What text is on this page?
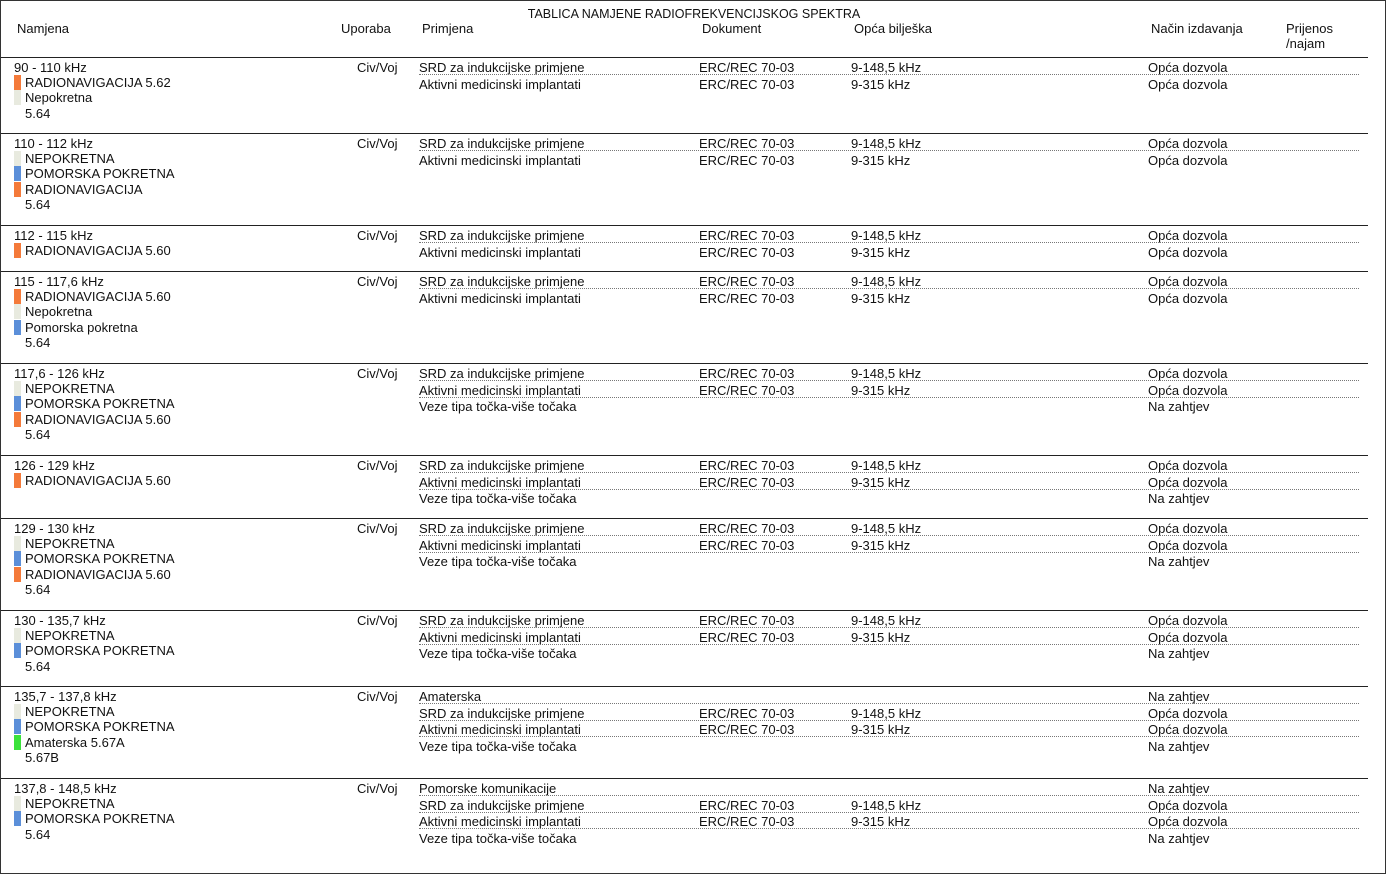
TABLICA NAMJENE RADIOFREKVENCIJSKOG SPEKTRA
Namjena	Uporaba Primjena	Dokument	Opća bilješka	Način izdavanja	Prijenos /najam
90 - 110 kHz	Civ/Voj
RADIONAVIGACIJA 5.62
Nepokretna
5.64
SRD za indukcijske primjene	ERC/REC 70-03	9-148,5 kHz	Opća dozvola
Aktivni medicinski implantati	ERC/REC 70-03	9-315 kHz	Opća dozvola
110 - 112 kHz	Civ/Voj
NEPOKRETNA
POMORSKA POKRETNA
RADIONAVIGACIJA
5.64
SRD za indukcijske primjene	ERC/REC 70-03	9-148,5 kHz	Opća dozvola
Aktivni medicinski implantati	ERC/REC 70-03	9-315 kHz	Opća dozvola
112 - 115 kHz	Civ/Voj
RADIONAVIGACIJA 5.60
SRD za indukcijske primjene	ERC/REC 70-03	9-148,5 kHz	Opća dozvola
Aktivni medicinski implantati	ERC/REC 70-03	9-315 kHz	Opća dozvola
115 - 117,6 kHz	Civ/Voj
RADIONAVIGACIJA 5.60
Nepokretna
Pomorska pokretna
5.64
SRD za indukcijske primjene	ERC/REC 70-03	9-148,5 kHz	Opća dozvola
Aktivni medicinski implantati	ERC/REC 70-03	9-315 kHz	Opća dozvola
117,6 - 126 kHz	Civ/Voj
NEPOKRETNA
POMORSKA POKRETNA
RADIONAVIGACIJA 5.60
5.64
SRD za indukcijske primjene	ERC/REC 70-03	9-148,5 kHz	Opća dozvola
Aktivni medicinski implantati	ERC/REC 70-03	9-315 kHz	Opća dozvola
Veze tipa točka-više točaka	Na zahtjev
126 - 129 kHz	Civ/Voj
RADIONAVIGACIJA 5.60
SRD za indukcijske primjene	ERC/REC 70-03	9-148,5 kHz	Opća dozvola
Aktivni medicinski implantati	ERC/REC 70-03	9-315 kHz	Opća dozvola
Veze tipa točka-više točaka	Na zahtjev
129 - 130 kHz	Civ/Voj
NEPOKRETNA
POMORSKA POKRETNA
RADIONAVIGACIJA 5.60
5.64
SRD za indukcijske primjene	ERC/REC 70-03	9-148,5 kHz	Opća dozvola
Aktivni medicinski implantati	ERC/REC 70-03	9-315 kHz	Opća dozvola
Veze tipa točka-više točaka	Na zahtjev
130 - 135,7 kHz	Civ/Voj
NEPOKRETNA
POMORSKA POKRETNA
5.64
SRD za indukcijske primjene	ERC/REC 70-03	9-148,5 kHz	Opća dozvola
Aktivni medicinski implantati	ERC/REC 70-03	9-315 kHz	Opća dozvola
Veze tipa točka-više točaka	Na zahtjev
135,7 - 137,8 kHz	Civ/Voj
NEPOKRETNA
POMORSKA POKRETNA
Amaterska 5.67A
5.67B
Amaterska	Na zahtjev
SRD za indukcijske primjene	ERC/REC 70-03	9-148,5 kHz	Opća dozvola
Aktivni medicinski implantati	ERC/REC 70-03	9-315 kHz	Opća dozvola
Veze tipa točka-više točaka	Na zahtjev
137,8 - 148,5 kHz	Civ/Voj
NEPOKRETNA
POMORSKA POKRETNA
5.64
Pomorske komunikacije	Na zahtjev
SRD za indukcijske primjene	ERC/REC 70-03	9-148,5 kHz	Opća dozvola
Aktivni medicinski implantati	ERC/REC 70-03	9-315 kHz	Opća dozvola
Veze tipa točka-više točaka	Na zahtjev
